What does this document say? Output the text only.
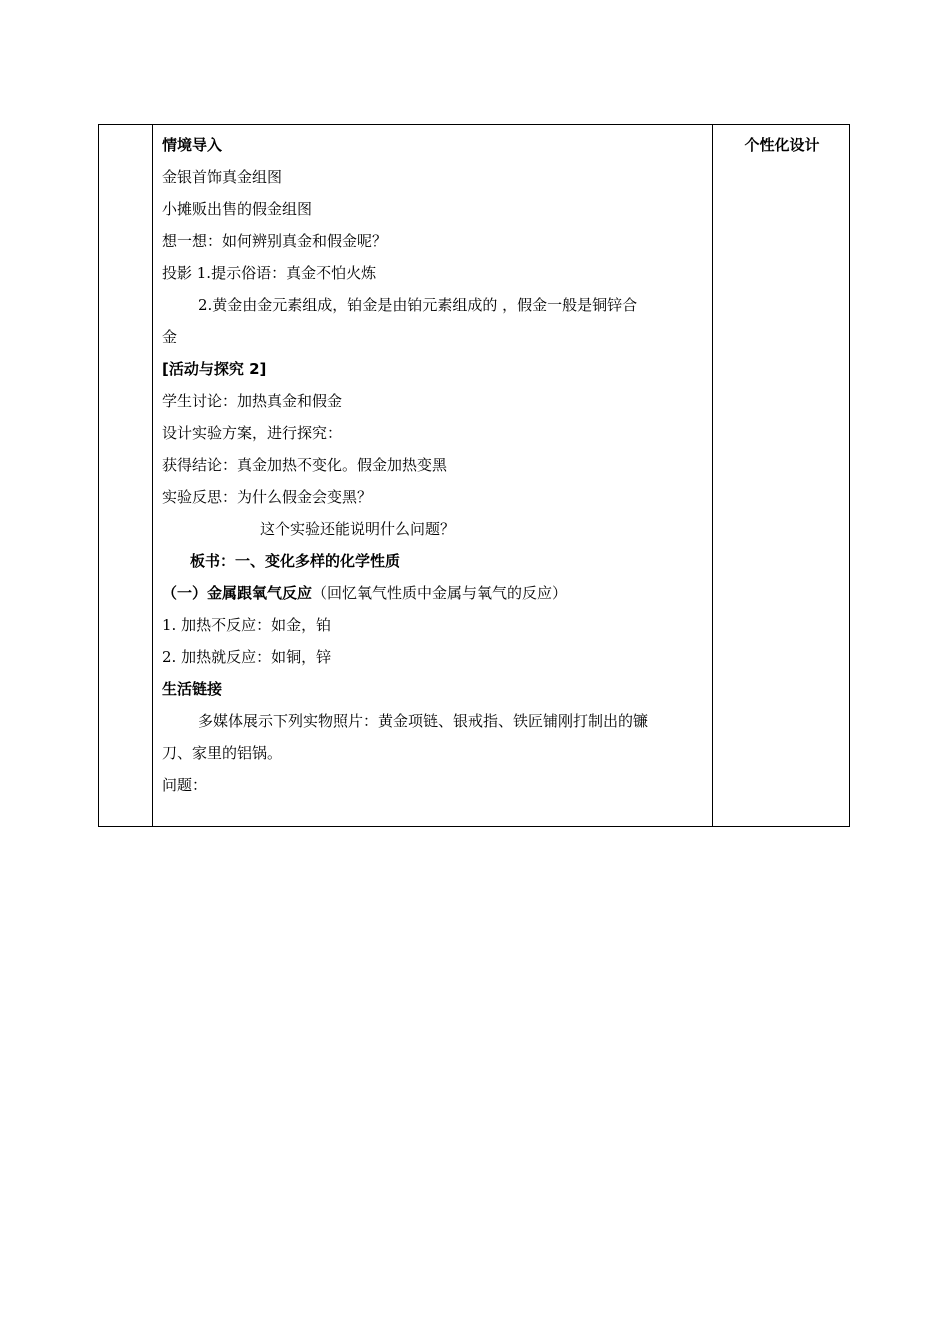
情境导入
金银首饰真金组图
小摊贩出售的假金组图
想一想：如何辨别真金和假金呢？
投影 1.提示俗语：真金不怕火炼
2.黄金由金元素组成，铂金是由铂元素组成的 ，假金一般是铜锌合
金
[活动与探究 2]
学生讨论：加热真金和假金
设计实验方案，进行探究：
获得结论：真金加热不变化。假金加热变黑
实验反思：为什么假金会变黑？
这个实验还能说明什么问题？
板书：一、变化多样的化学性质
（一）金属跟氧气反应（回忆氧气性质中金属与氧气的反应）
1. 加热不反应：如金，铂
2. 加热就反应：如铜，锌
生活链接
多媒体展示下列实物照片：黄金项链、银戒指、铁匠铺刚打制出的镰
刀、家里的铝锅。
问题：
个性化设计
